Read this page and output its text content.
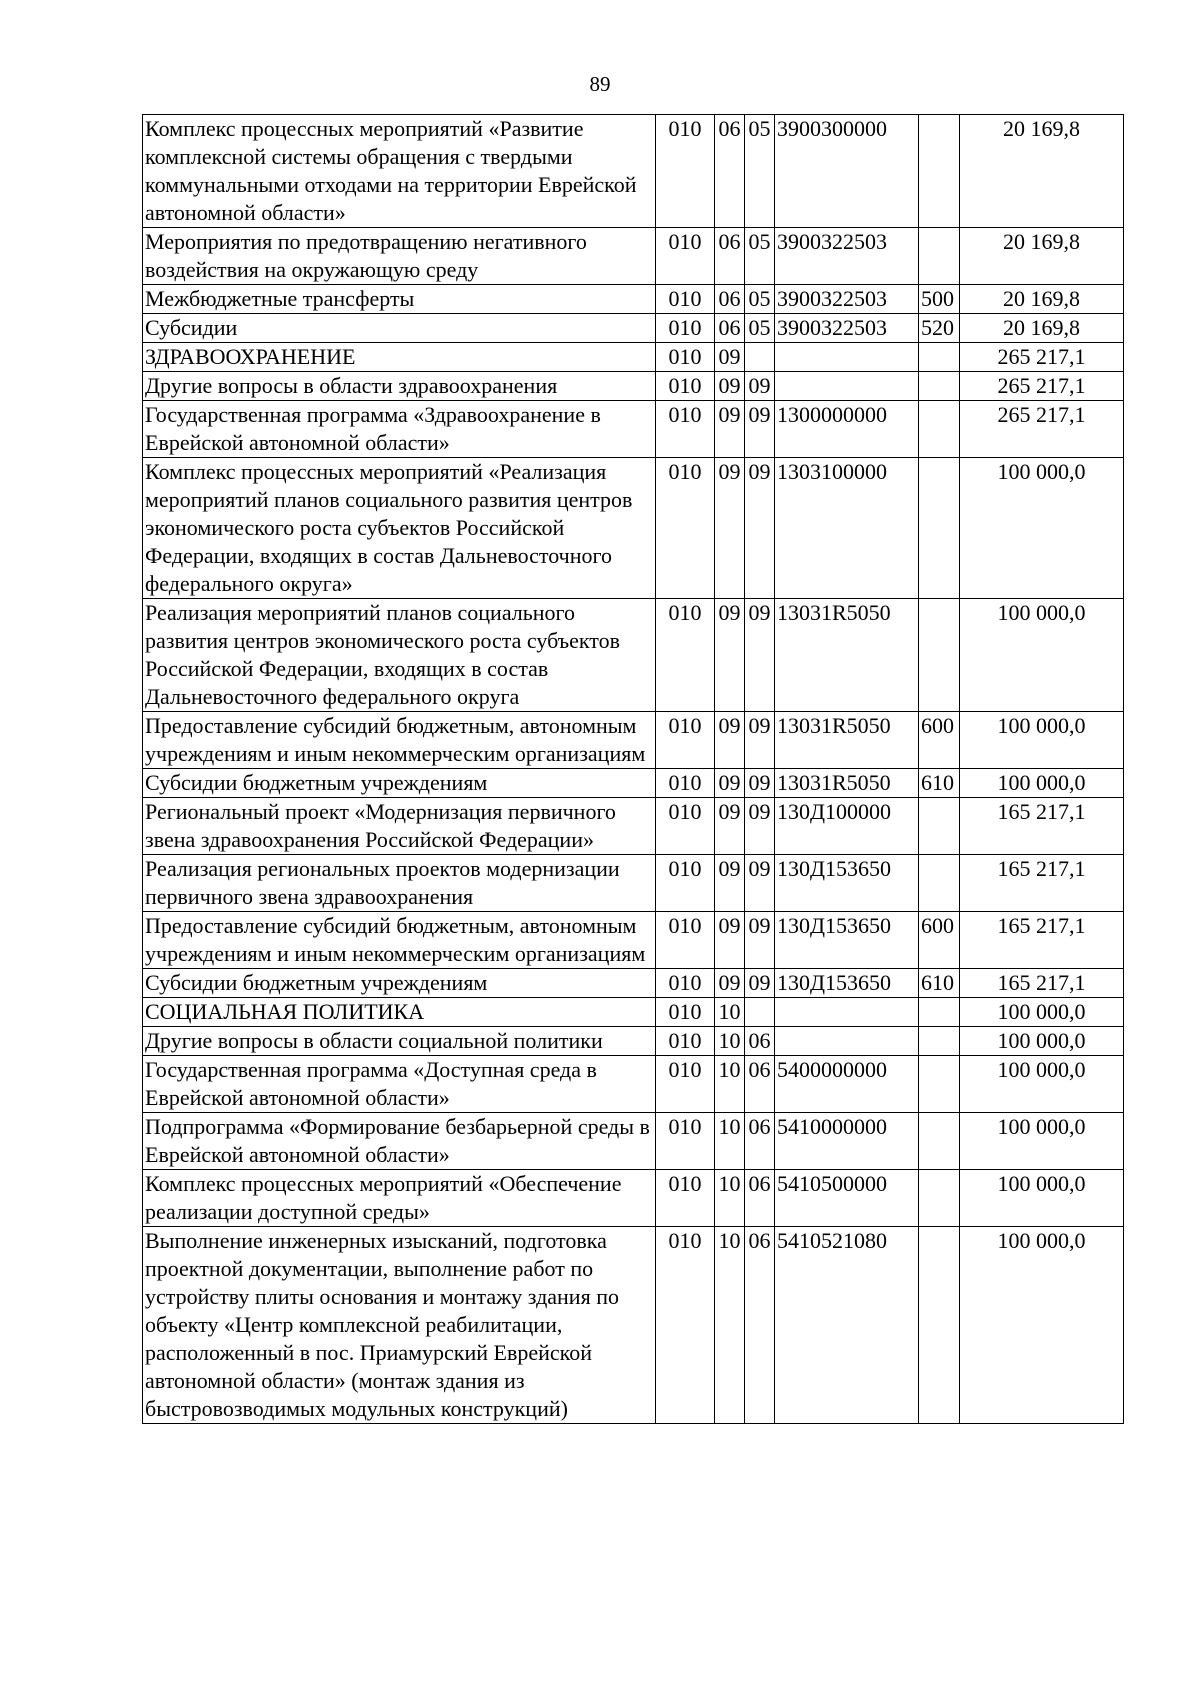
89
Комплекс процессных мероприятий «Развитие комплексной системы обращения с твердыми коммунальными отходами на территории Еврейской автономной области»	010	06	05	3900300000		20 169,8
Мероприятия по предотвращению негативного воздействия на окружающую среду	010	06	05	3900322503		20 169,8
Межбюджетные трансферты	010	06	05	3900322503	500	20 169,8
Субсидии	010	06	05	3900322503	520	20 169,8
ЗДРАВООХРАНЕНИЕ	010	09				265 217,1
Другие вопросы в области здравоохранения	010	09	09			265 217,1
Государственная программа «Здравоохранение в Еврейской автономной области»	010	09	09	1300000000		265 217,1
Комплекс процессных мероприятий «Реализация мероприятий планов социального развития центров экономического роста субъектов Российской Федерации, входящих в состав Дальневосточного федерального округа»	010	09	09	1303100000		100 000,0
Реализация мероприятий планов социального развития центров экономического роста субъектов Российской Федерации, входящих в состав Дальневосточного федерального округа	010	09	09	13031R5050		100 000,0
Предоставление субсидий бюджетным, автономным учреждениям и иным некоммерческим организациям	010	09	09	13031R5050	600	100 000,0
Субсидии бюджетным учреждениям	010	09	09	13031R5050	610	100 000,0
Региональный проект «Модернизация первичного звена здравоохранения Российской Федерации»	010	09	09	130Д100000		165 217,1
Реализация региональных проектов модернизации первичного звена здравоохранения	010	09	09	130Д153650		165 217,1
Предоставление субсидий бюджетным, автономным учреждениям и иным некоммерческим организациям	010	09	09	130Д153650	600	165 217,1
Субсидии бюджетным учреждениям	010	09	09	130Д153650	610	165 217,1
СОЦИАЛЬНАЯ ПОЛИТИКА	010	10				100 000,0
Другие вопросы в области социальной политики	010	10	06			100 000,0
Государственная программа «Доступная среда в Еврейской автономной области»	010	10	06	5400000000		100 000,0
Подпрограмма «Формирование безбарьерной среды в Еврейской автономной области»	010	10	06	5410000000		100 000,0
Комплекс процессных мероприятий «Обеспечение реализации доступной среды»	010	10	06	5410500000		100 000,0
Выполнение инженерных изысканий, подготовка проектной документации, выполнение работ по устройству плиты основания и монтажу здания по объекту «Центр комплексной реабилитации, расположенный в пос. Приамурский Еврейской автономной области» (монтаж здания из быстровозводимых модульных конструкций)	010	10	06	5410521080		100 000,0
